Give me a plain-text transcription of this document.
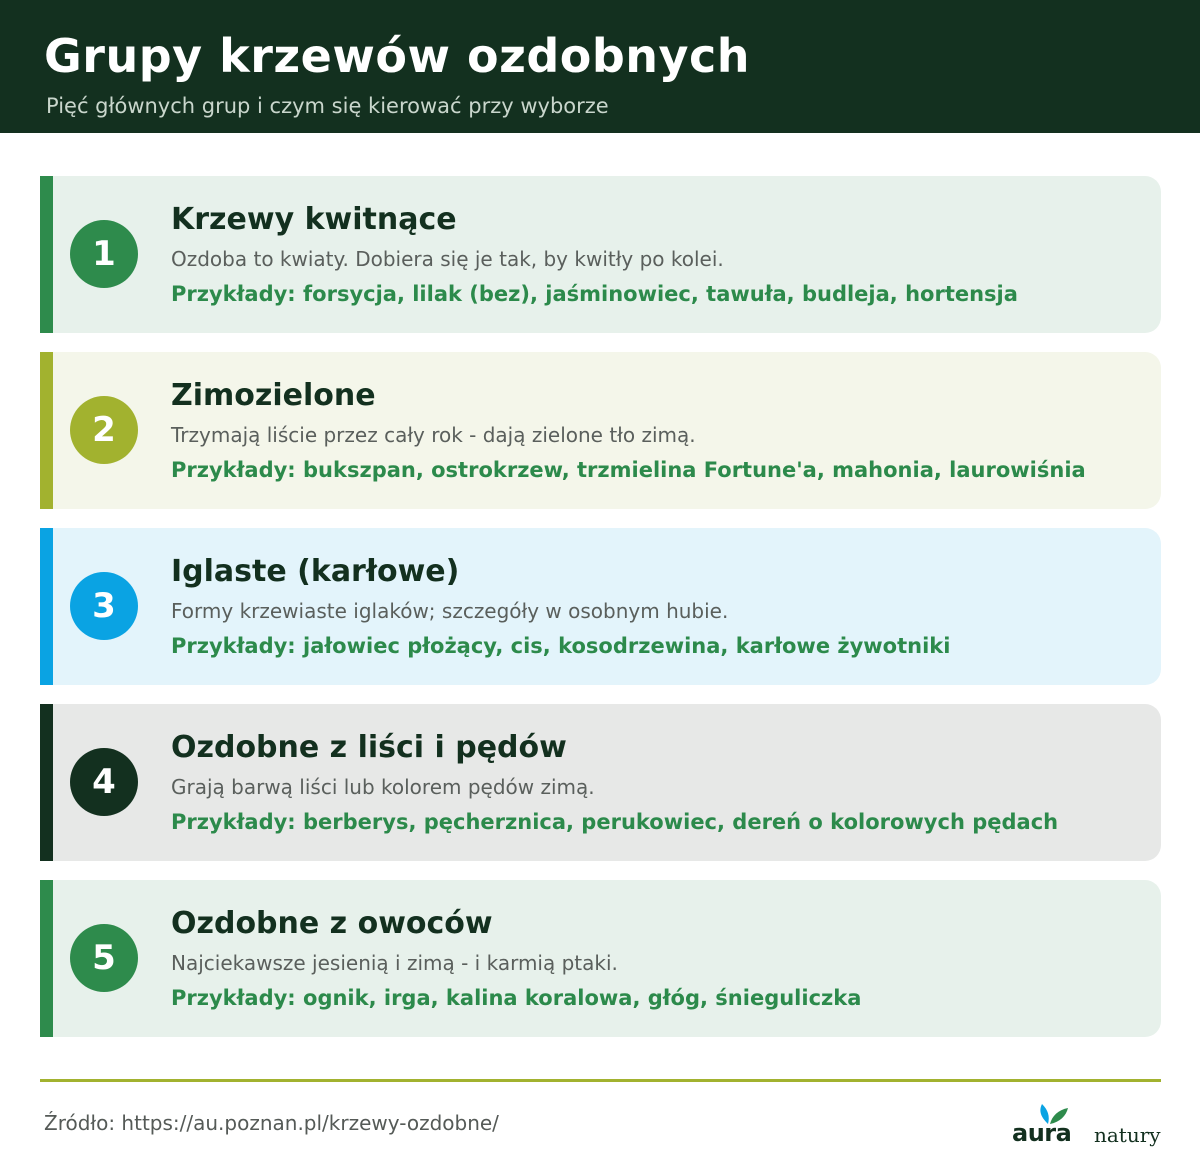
Grupy krzewów ozdobnych
Pięć głównych grup i czym się kierować przy wyborze
1
Krzewy kwitnące
Ozdoba to kwiaty. Dobiera się je tak, by kwitły po kolei.
Przykłady: forsycja, lilak (bez), jaśminowiec, tawuła, budleja, hortensja
2
Zimozielone
Trzymają liście przez cały rok - dają zielone tło zimą.
Przykłady: bukszpan, ostrokrzew, trzmielina Fortune'a, mahonia, laurowiśnia
3
Iglaste (karłowe)
Formy krzewiaste iglaków; szczegóły w osobnym hubie.
Przykłady: jałowiec płożący, cis, kosodrzewina, karłowe żywotniki
4
Ozdobne z liści i pędów
Grają barwą liści lub kolorem pędów zimą.
Przykłady: berberys, pęcherznica, perukowiec, dereń o kolorowych pędach
5
Ozdobne z owoców
Najciekawsze jesienią i zimą - i karmią ptaki.
Przykłady: ognik, irga, kalina koralowa, głóg, śnieguliczka
Źródło: https://au.poznan.pl/krzewy-ozdobne/	aura natury
